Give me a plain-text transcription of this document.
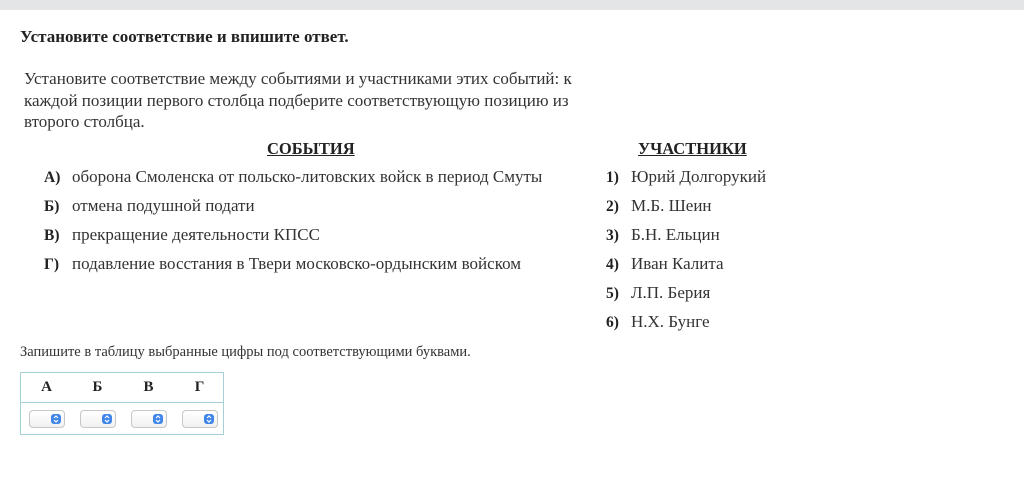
Установите соответствие и впишите ответ.
Установите соответствие между событиями и участниками этих событий: к каждой позиции первого столбца подберите соответствующую позицию из второго столбца.
СОБЫТИЯ	УЧАСТНИКИ
А) оборона Смоленска от польско-литовских войск в период Смуты
Б) отмена подушной подати
В) прекращение деятельности КПСС
Г) подавление восстания в Твери московско-ордынским войском
1) Юрий Долгорукий
2) М.Б. Шеин
3) Б.Н. Ельцин
4) Иван Калита
5) Л.П. Берия
6) Н.Х. Бунге
Запишите в таблицу выбранные цифры под соответствующими буквами.
А	Б	В	Г
